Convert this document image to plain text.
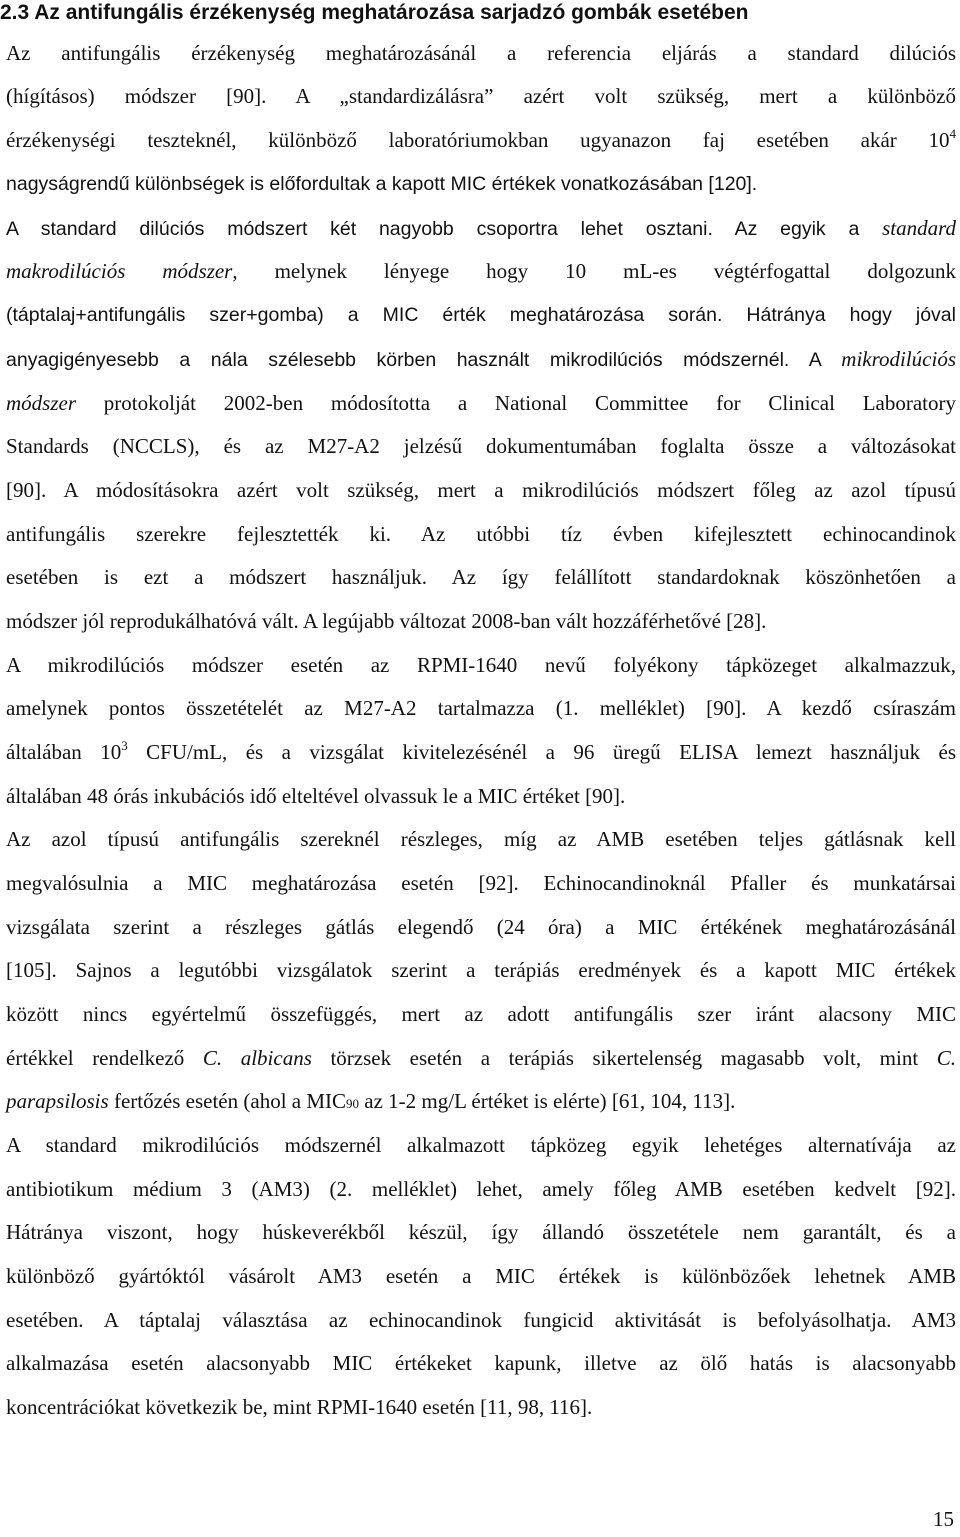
2.3 Az antifungális érzékenység meghatározása sarjadzó gombák esetében
Az antifungális érzékenység meghatározásánál a referencia eljárás a standard dilúciós
(hígításos) módszer [90]. A „standardizálásra” azért volt szükség, mert a különböző
érzékenységi teszteknél, különböző laboratóriumokban ugyanazon faj esetében akár $10^4$
nagyságrendű különbségek is előfordultak a kapott MIC értékek vonatkozásában [120].
A standard dilúciós módszert két nagyobb csoportra lehet osztani. Az egyik a standard
makrodilúciós módszer, melynek lényege hogy 10 mL-es végtérfogattal dolgozunk
(táptalaj+antifungális szer+gomba) a MIC érték meghatározása során. Hátránya hogy jóval
anyagigényesebb a nála szélesebb körben használt mikrodilúciós módszernél. A mikrodilúciós
módszer protokolját 2002-ben módosította a National Committee for Clinical Laboratory
Standards (NCCLS), és az M27-A2 jelzésű dokumentumában foglalta össze a változásokat
[90]. A módosításokra azért volt szükség, mert a mikrodilúciós módszert főleg az azol típusú
antifungális szerekre fejlesztették ki. Az utóbbi tíz évben kifejlesztett echinocandinok
esetében is ezt a módszert használjuk. Az így felállított standardoknak köszönhetően a
módszer jól reprodukálhatóvá vált. A legújabb változat 2008-ban vált hozzáférhetővé [28].
A mikrodilúciós módszer esetén az RPMI-1640 nevű folyékony tápközeget alkalmazzuk,
amelynek pontos összetételét az M27-A2 tartalmazza (1. melléklet) [90]. A kezdő csíraszám
általában $10^3$ CFU/mL, és a vizsgálat kivitelezésénél a 96 üregű ELISA lemezt használjuk és
általában 48 órás inkubációs idő elteltével olvassuk le a MIC értéket [90].
Az azol típusú antifungális szereknél részleges, míg az AMB esetében teljes gátlásnak kell
megvalósulnia a MIC meghatározása esetén [92]. Echinocandinoknál Pfaller és munkatársai
vizsgálata szerint a részleges gátlás elegendő (24 óra) a MIC értékének meghatározásánál
[105]. Sajnos a legutóbbi vizsgálatok szerint a terápiás eredmények és a kapott MIC értékek
között nincs egyértelmű összefüggés, mert az adott antifungális szer iránt alacsony MIC
értékkel rendelkező C. albicans törzsek esetén a terápiás sikertelenség magasabb volt, mint C.
parapsilosis fertőzés esetén (ahol a MIC90 az 1-2 mg/L értéket is elérte) [61, 104, 113].
A standard mikrodilúciós módszernél alkalmazott tápközeg egyik lehetéges alternatívája az
antibiotikum médium 3 (AM3) (2. melléklet) lehet, amely főleg AMB esetében kedvelt [92].
Hátránya viszont, hogy húskeverékből készül, így állandó összetétele nem garantált, és a
különböző gyártóktól vásárolt AM3 esetén a MIC értékek is különbözőek lehetnek AMB
esetében. A táptalaj választása az echinocandinok fungicid aktivitását is befolyásolhatja. AM3
alkalmazása esetén alacsonyabb MIC értékeket kapunk, illetve az ölő hatás is alacsonyabb
koncentrációkat következik be, mint RPMI-1640 esetén [11, 98, 116].
15
